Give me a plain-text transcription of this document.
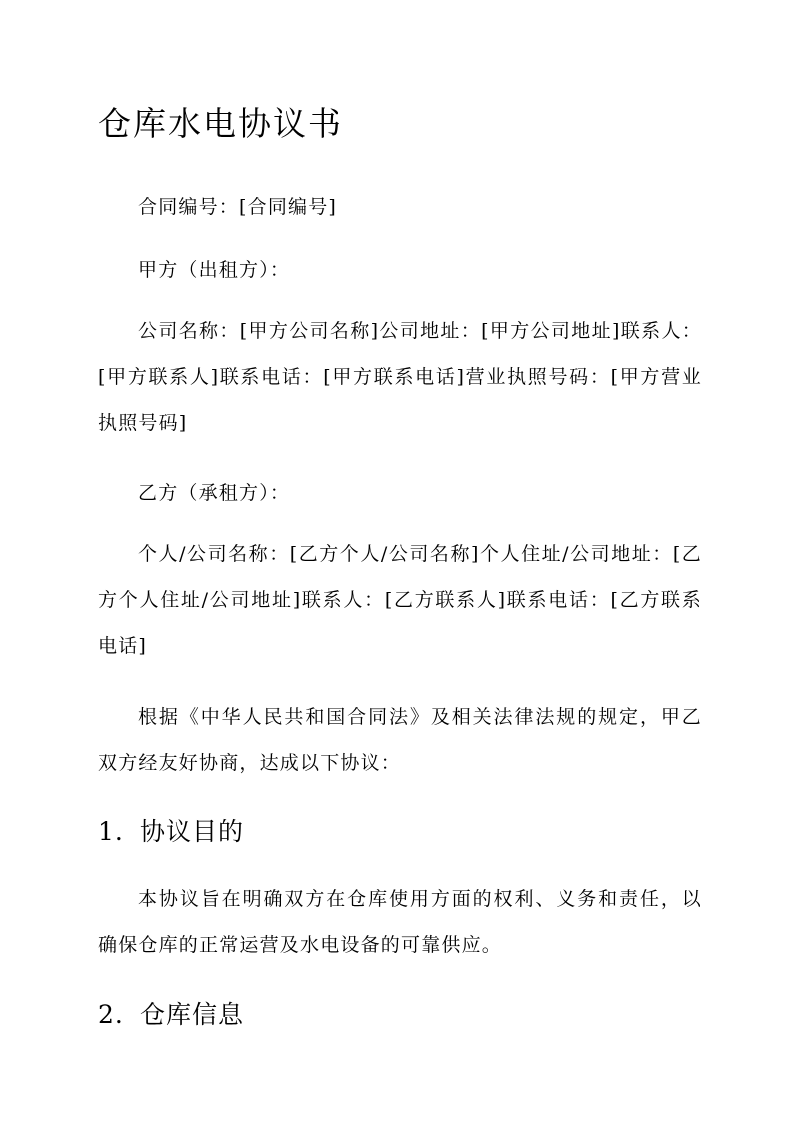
仓库水电协议书

合同编号：[合同编号]

甲方（出租方）：

公司名称：[甲方公司名称]公司地址：[甲方公司地址]联系人：[甲方联系人]联系电话：[甲方联系电话]营业执照号码：[甲方营业执照号码]

乙方（承租方）：

个人/公司名称：[乙方个人/公司名称]个人住址/公司地址：[乙方个人住址/公司地址]联系人：[乙方联系人]联系电话：[乙方联系电话]

根据《中华人民共和国合同法》及相关法律法规的规定，甲乙双方经友好协商，达成以下协议：

1. 协议目的

本协议旨在明确双方在仓库使用方面的权利、义务和责任，以确保仓库的正常运营及水电设备的可靠供应。

2. 仓库信息
